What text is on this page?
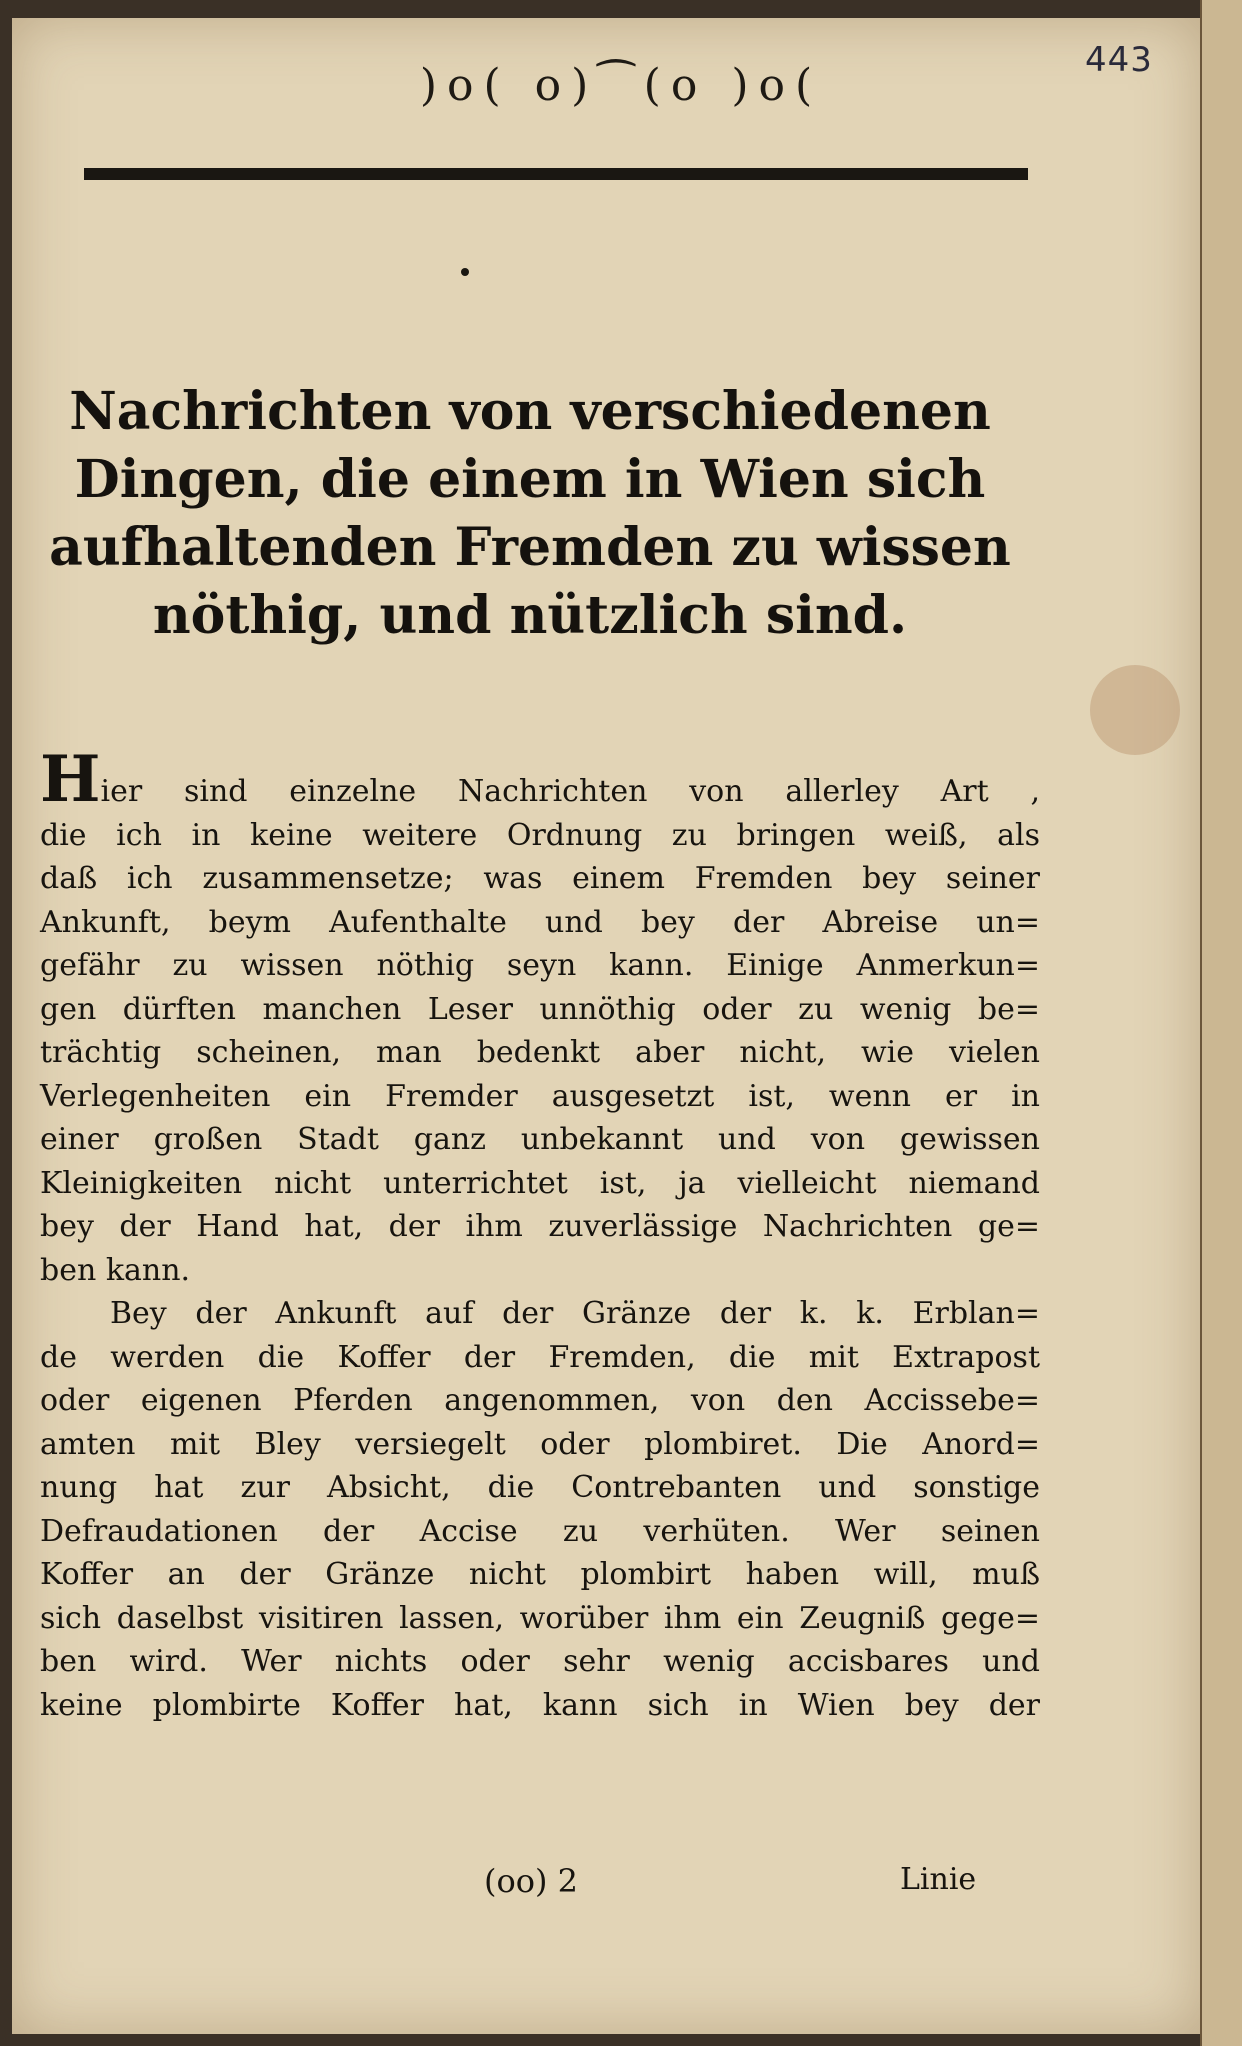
443
)o( o)⁀(o )o(
Nachrichten von verschiedenen Dingen, die einem in Wien sich aufhaltenden Fremden zu wissen nöthig, und nützlich sind.

Hier sind einzelne Nachrichten von allerley Art ,
die ich in keine weitere Ordnung zu bringen weiß, als
daß ich zusammensetze; was einem Fremden bey seiner
Ankunft, beym Aufenthalte und bey der Abreise un=
gefähr zu wissen nöthig seyn kann. Einige Anmerkun=
gen dürften manchen Leser unnöthig oder zu wenig be=
trächtig scheinen, man bedenkt aber nicht, wie vielen
Verlegenheiten ein Fremder ausgesetzt ist, wenn er in
einer großen Stadt ganz unbekannt und von gewissen
Kleinigkeiten nicht unterrichtet ist, ja vielleicht niemand
bey der Hand hat, der ihm zuverlässige Nachrichten ge=
ben kann.

Bey der Ankunft auf der Gränze der k. k. Erblan=
de werden die Koffer der Fremden, die mit Extrapost
oder eigenen Pferden angenommen, von den Accissebe=
amten mit Bley versiegelt oder plombiret. Die Anord=
nung hat zur Absicht, die Contrebanten und sonstige
Defraudationen der Accise zu verhüten. Wer seinen
Koffer an der Gränze nicht plombirt haben will, muß
sich daselbst visitiren lassen, worüber ihm ein Zeugniß gege=
ben wird. Wer nichts oder sehr wenig accisbares und
keine plombirte Koffer hat, kann sich in Wien bey der

(oo) 2	Linie
